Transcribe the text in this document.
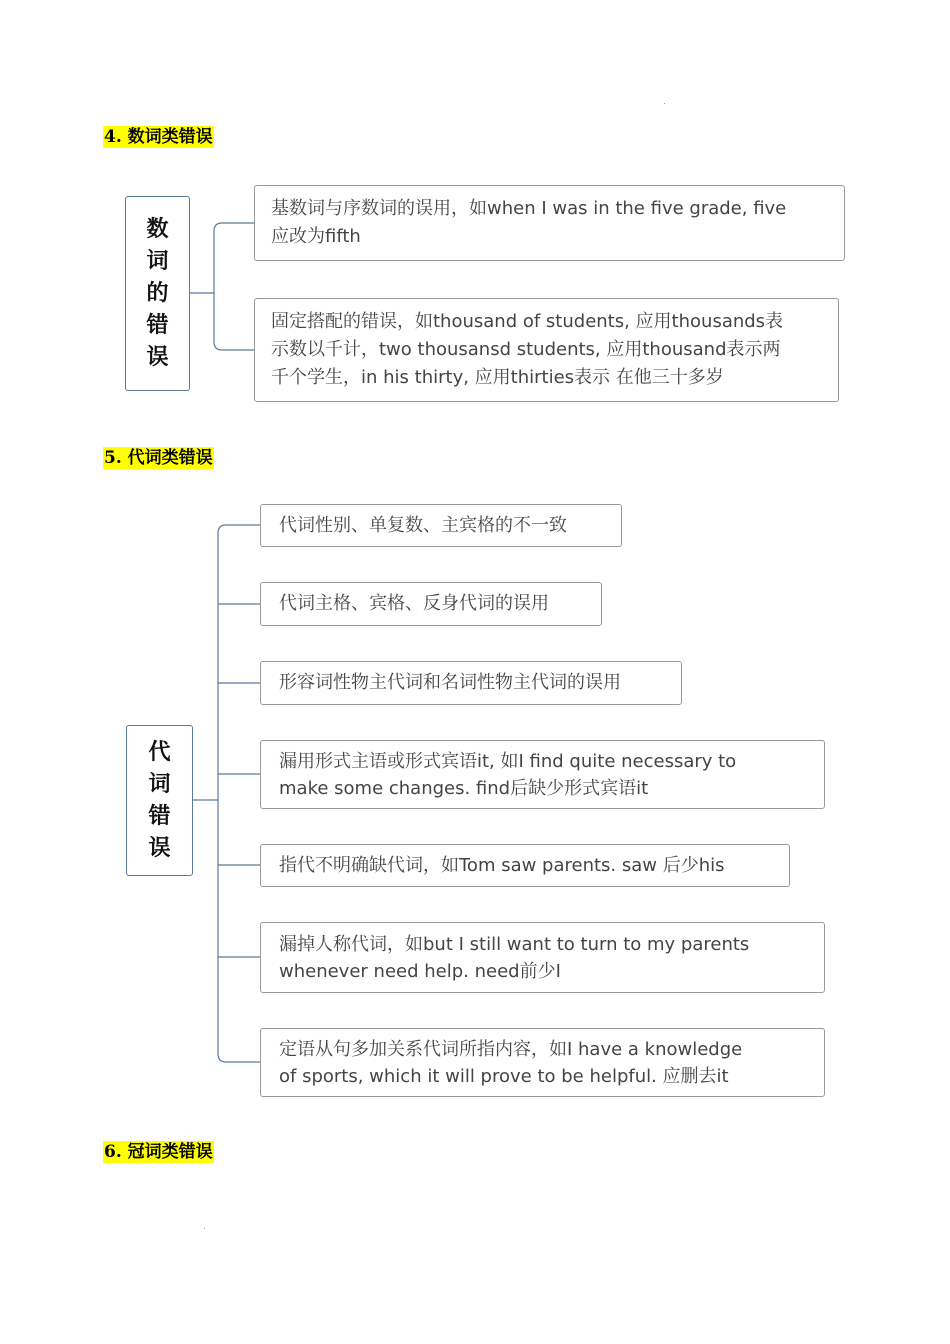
4. 数词类错误
数
词
的
错
误
基数词与序数词的误用，如when I was in the five grade, five
应改为fifth
固定搭配的错误，如thousand of students, 应用thousands表
示数以千计，two thousansd students, 应用thousand表示两
千个学生，in his thirty, 应用thirties表示 在他三十多岁
5. 代词类错误
代
词
错
误
代词性别、单复数、主宾格的不一致
代词主格、宾格、反身代词的误用
形容词性物主代词和名词性物主代词的误用
漏用形式主语或形式宾语it, 如I find quite necessary to
make some changes. find后缺少形式宾语it
指代不明确缺代词，如Tom saw parents. saw 后少his
漏掉人称代词，如but I still want to turn to my parents
whenever need help. need前少I
定语从句多加关系代词所指内容，如I have a knowledge
of sports, which it will prove to be helpful. 应删去it
6. 冠词类错误
